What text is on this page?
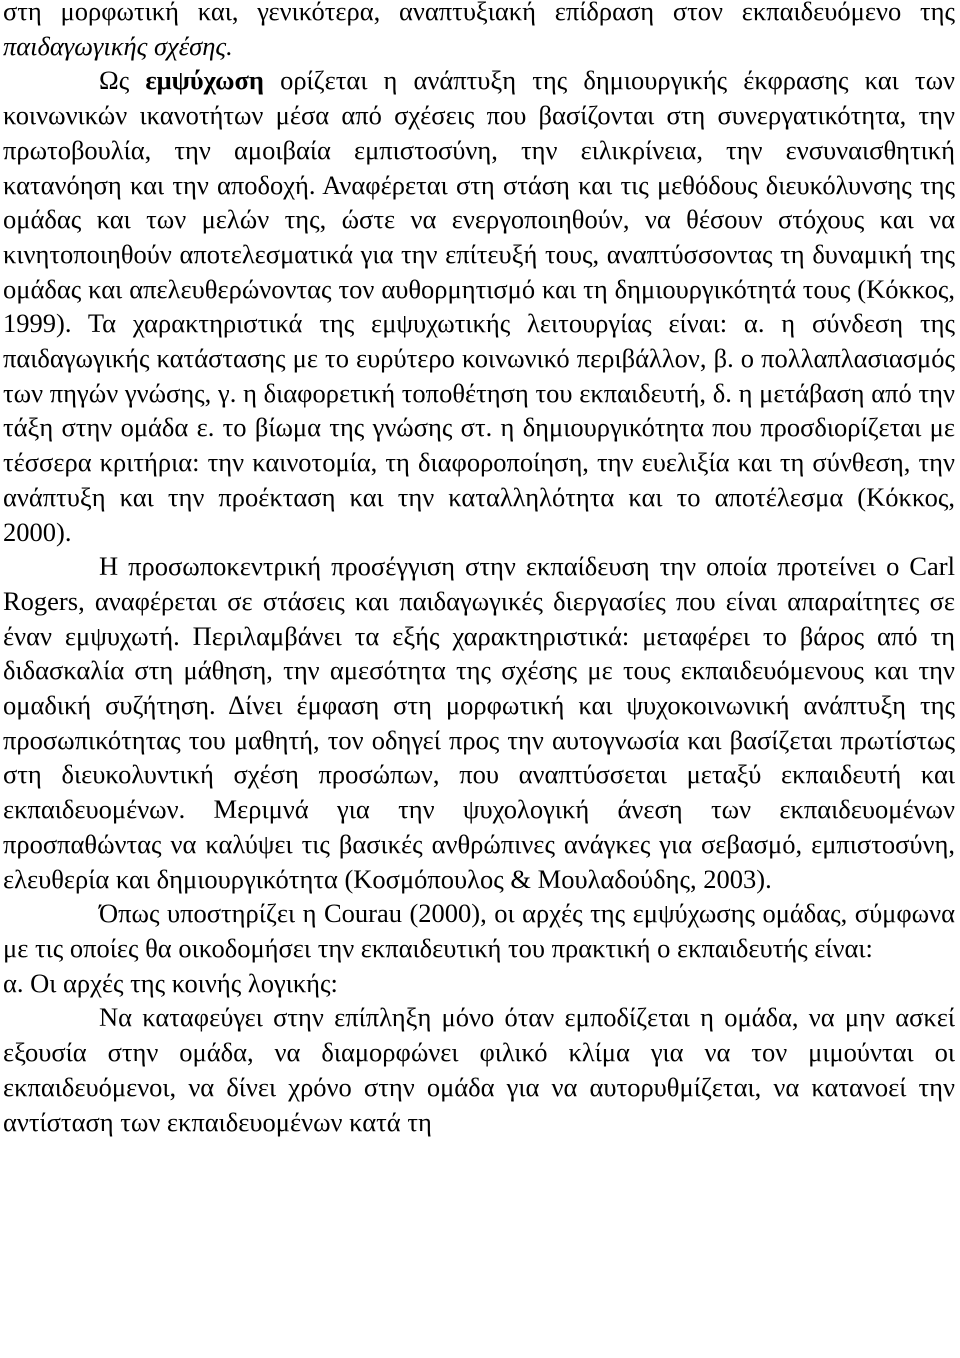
στη μορφωτική και, γενικότερα, αναπτυξιακή επίδραση στον εκπαιδευόμενο της παιδαγωγικής σχέσης.

Ως εμψύχωση ορίζεται η ανάπτυξη της δημιουργικής έκφρασης και των κοινωνικών ικανοτήτων μέσα από σχέσεις που βασίζονται στη συνεργατικότητα, την πρωτοβουλία, την αμοιβαία εμπιστοσύνη, την ειλικρίνεια, την ενσυναισθητική κατανόηση και την αποδοχή. Αναφέρεται στη στάση και τις μεθόδους διευκόλυνσης της ομάδας και των μελών της, ώστε να ενεργοποιηθούν, να θέσουν στόχους και να κινητοποιηθούν αποτελεσματικά για την επίτευξή τους, αναπτύσσοντας τη δυναμική της ομάδας και απελευθερώνοντας τον αυθορμητισμό και τη δημιουργικότητά τους (Κόκκος, 1999). Τα χαρακτηριστικά της εμψυχωτικής λειτουργίας είναι: α. η σύνδεση της παιδαγωγικής κατάστασης με το ευρύτερο κοινωνικό περιβάλλον, β. ο πολλαπλασιασμός των πηγών γνώσης, γ. η διαφορετική τοποθέτηση του εκπαιδευτή, δ. η μετάβαση από την τάξη στην ομάδα ε. το βίωμα της γνώσης στ. η δημιουργικότητα που προσδιορίζεται με τέσσερα κριτήρια: την καινοτομία, τη διαφοροποίηση, την ευελιξία και τη σύνθεση, την ανάπτυξη και την προέκταση και την καταλληλότητα και το αποτέλεσμα (Κόκκος, 2000).

Η προσωποκεντρική προσέγγιση στην εκπαίδευση την οποία προτείνει ο Carl Rogers, αναφέρεται σε στάσεις και παιδαγωγικές διεργασίες που είναι απαραίτητες σε έναν εμψυχωτή. Περιλαμβάνει τα εξής χαρακτηριστικά: μεταφέρει το βάρος από τη διδασκαλία στη μάθηση, την αμεσότητα της σχέσης με τους εκπαιδευόμενους και την ομαδική συζήτηση. Δίνει έμφαση στη μορφωτική και ψυχοκοινωνική ανάπτυξη της προσωπικότητας του μαθητή, τον οδηγεί προς την αυτογνωσία και βασίζεται πρωτίστως στη διευκολυντική σχέση προσώπων, που αναπτύσσεται μεταξύ εκπαιδευτή και εκπαιδευομένων. Μεριμνά για την ψυχολογική άνεση των εκπαιδευομένων προσπαθώντας να καλύψει τις βασικές ανθρώπινες ανάγκες για σεβασμό, εμπιστοσύνη, ελευθερία και δημιουργικότητα (Κοσμόπουλος & Μουλαδούδης, 2003).

Όπως υποστηρίζει η Courau (2000), οι αρχές της εμψύχωσης ομάδας, σύμφωνα με τις οποίες θα οικοδομήσει την εκπαιδευτική του πρακτική ο εκπαιδευτής είναι:

α. Οι αρχές της κοινής λογικής:

Να καταφεύγει στην επίπληξη μόνο όταν εμποδίζεται η ομάδα, να μην ασκεί εξουσία στην ομάδα, να διαμορφώνει φιλικό κλίμα για να τον μιμούνται οι εκπαιδευόμενοι, να δίνει χρόνο στην ομάδα για να αυτορυθμίζεται, να κατανοεί την αντίσταση των εκπαιδευομένων κατά τη
